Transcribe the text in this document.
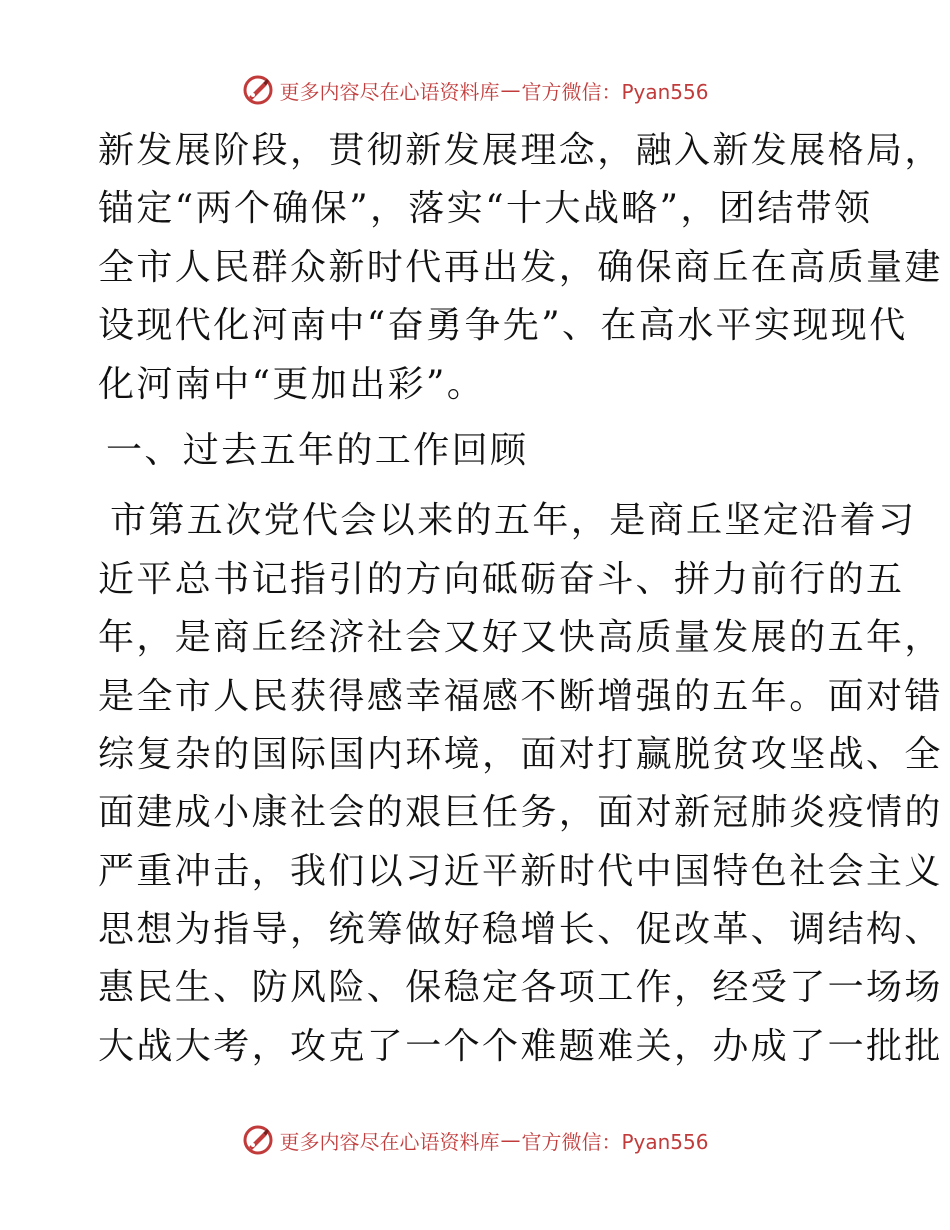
更多内容尽在心语资料库 — 官方微信：Pyan556
新发展阶段，贯彻新发展理念，融入新发展格局，
锚定“两个确保”，落实“十大战略”，团结带领
全市人民群众新时代再出发，确保商丘在高质量建
设现代化河南中“奋勇争先”、在高水平实现现代
化河南中“更加出彩”。
一、过去五年的工作回顾
市第五次党代会以来的五年，是商丘坚定沿着习
近平总书记指引的方向砥砺奋斗、拼力前行的五
年，是商丘经济社会又好又快高质量发展的五年，
是全市人民获得感幸福感不断增强的五年。面对错
综复杂的国际国内环境，面对打赢脱贫攻坚战、全
面建成小康社会的艰巨任务，面对新冠肺炎疫情的
严重冲击，我们以习近平新时代中国特色社会主义
思想为指导，统筹做好稳增长、促改革、调结构、
惠民生、防风险、保稳定各项工作，经受了一场场
大战大考，攻克了一个个难题难关，办成了一批批
更多内容尽在心语资料库 — 官方微信：Pyan556
